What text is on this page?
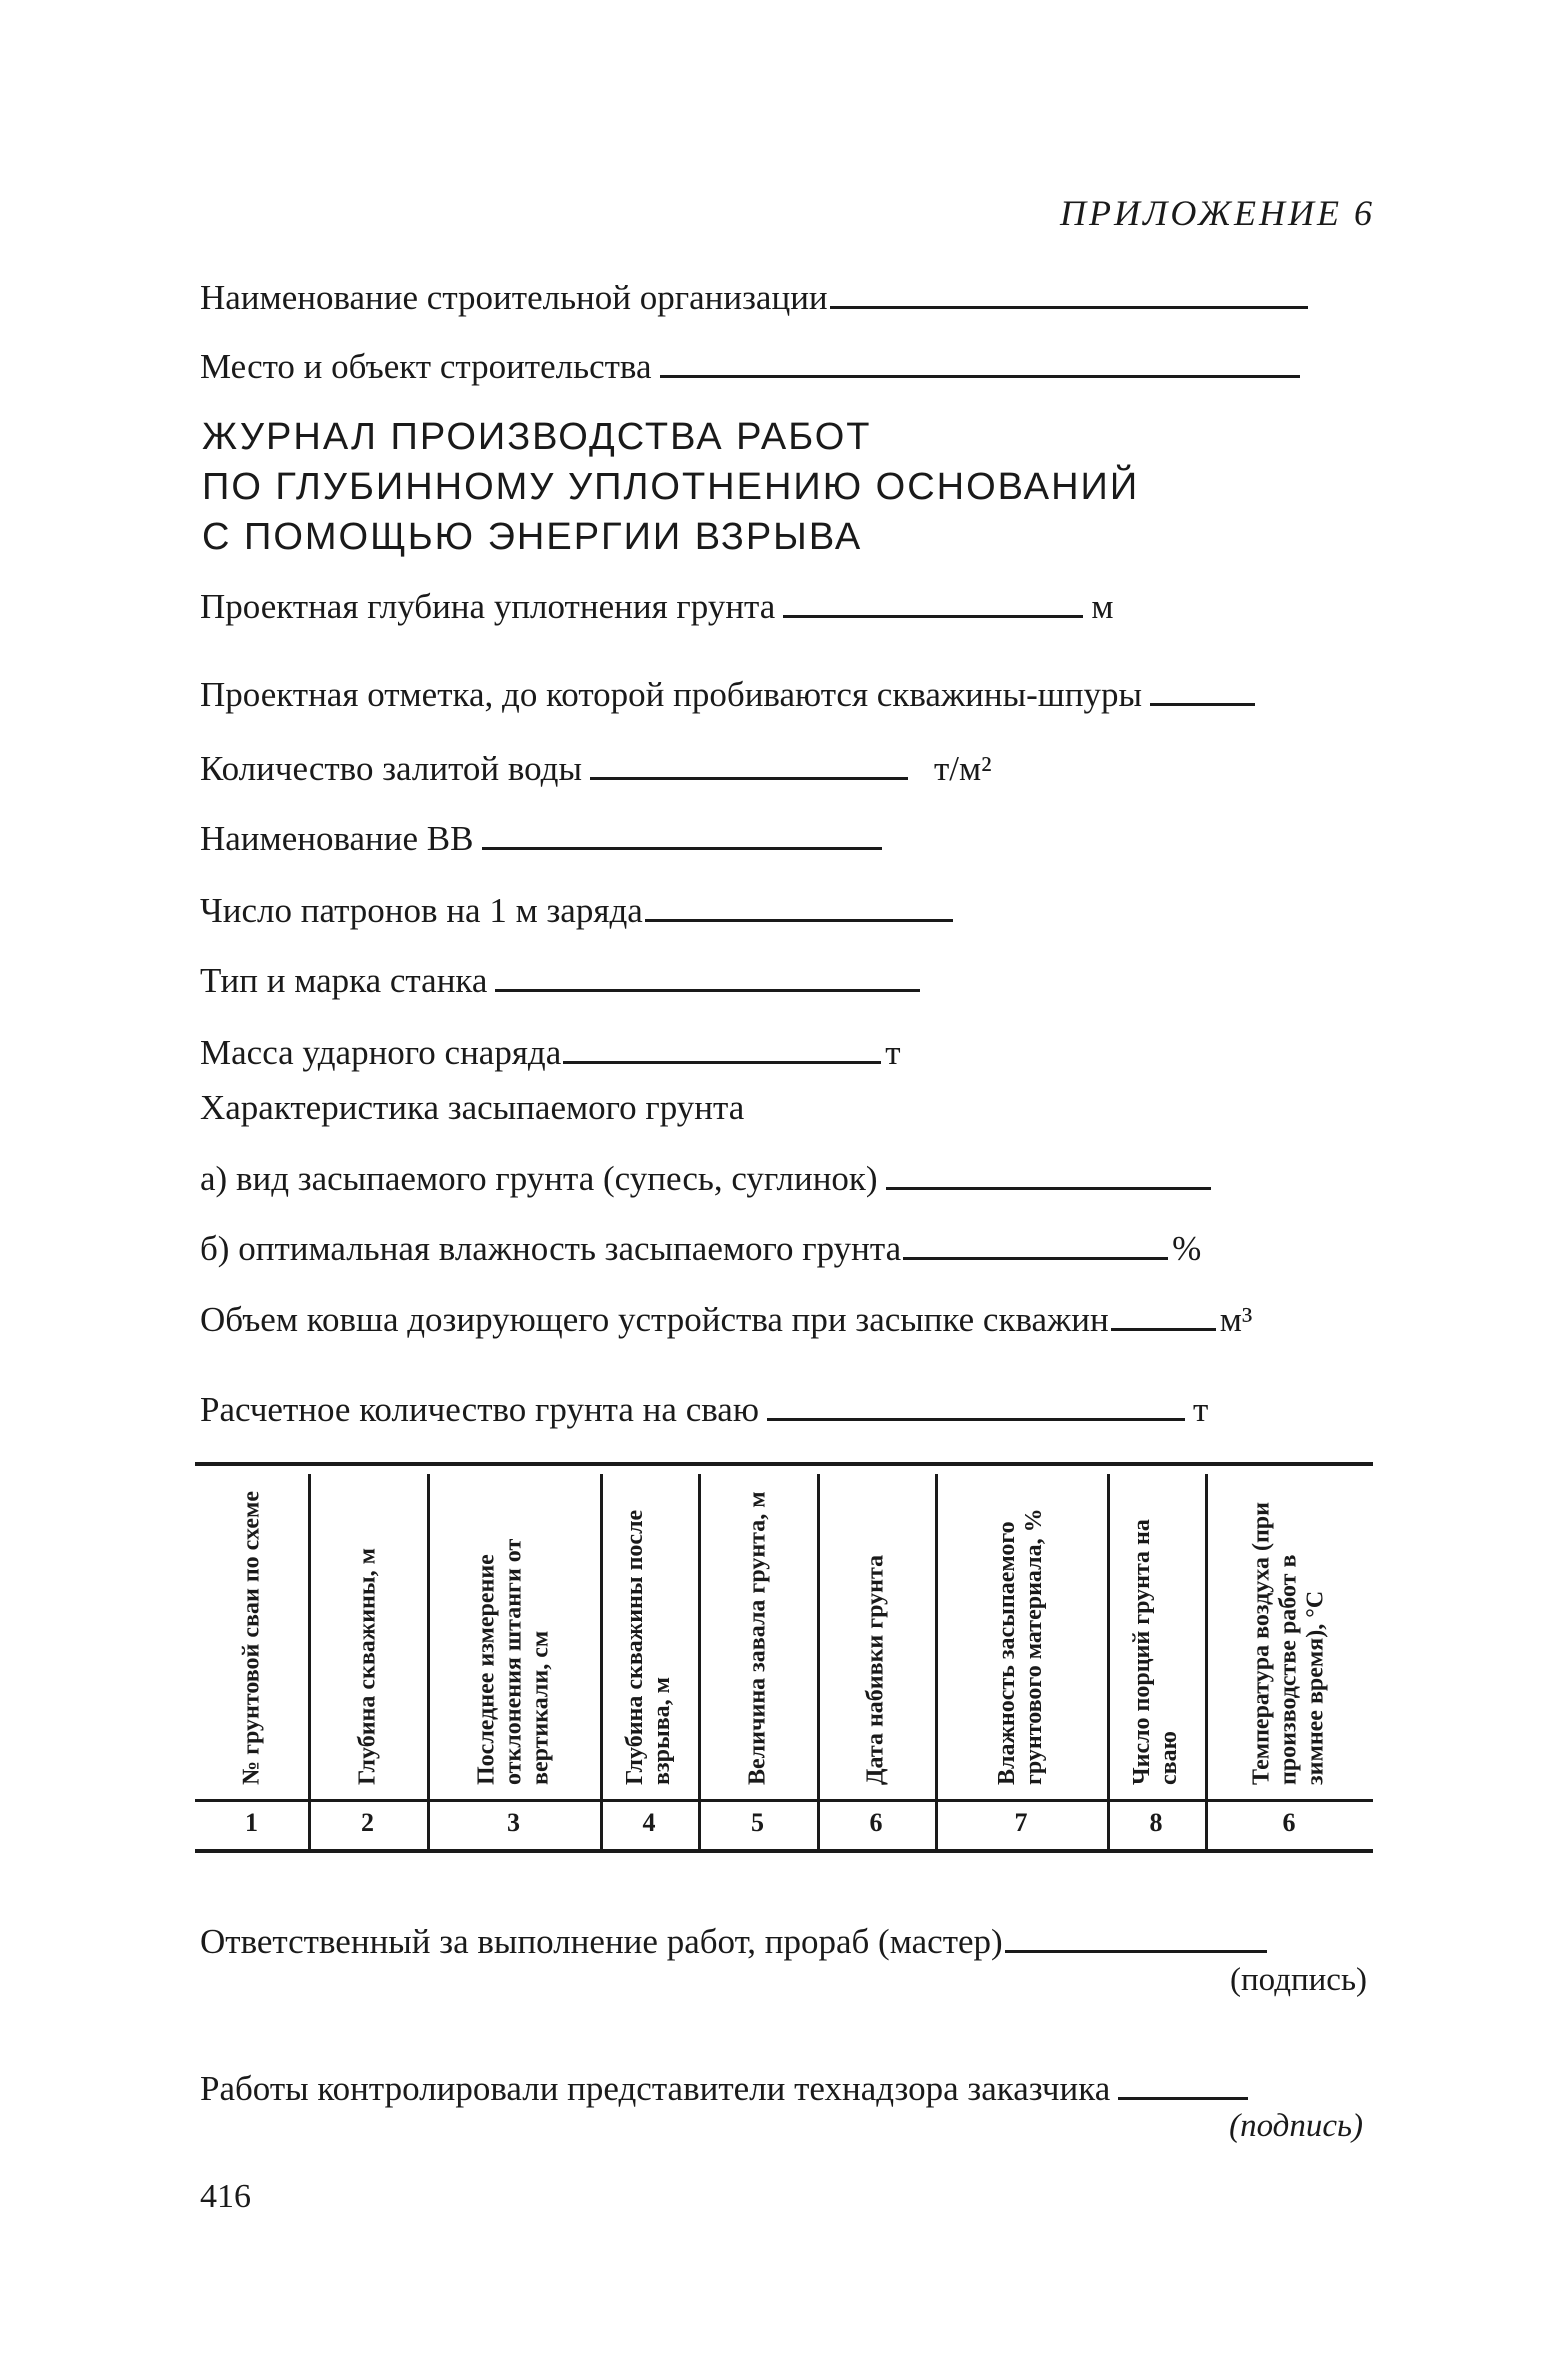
ПРИЛОЖЕНИЕ 6
Наименование строительной организации
Место и объект строительства
ЖУРНАЛ ПРОИЗВОДСТВА РАБОТ
ПО ГЛУБИННОМУ УПЛОТНЕНИЮ ОСНОВАНИЙ
С ПОМОЩЬЮ ЭНЕРГИИ ВЗРЫВА
Проектная глубина уплотнения грунта	м
Проектная отметка, до которой пробиваются скважины-шпуры
Количество залитой воды	т/м²
Наименование ВВ
Число патронов на 1 м заряда
Тип и марка станка
Масса ударного снаряда	т
Характеристика засыпаемого грунта
а) вид засыпаемого грунта (супесь, суглинок)
б) оптимальная влажность засыпаемого грунта	%
Объем ковша дозирующего устройства при засыпке скважин	м³
Расчетное количество грунта на сваю	т
№ грунтовой сваи по схеме	Глубина скважины, м	Последнее измерение отклонения штанги от вертикали, см	Глубина скважины после взрыва, м	Величина завала грунта, м	Дата набивки грунта	Влажность засыпаемого грунтового материала, %	Число порций грунта на сваю	Температура воздуха (при производстве работ в зимнее время), °С
1	2	3	4	5	6	7	8	6
Ответственный за выполнение работ, прораб (мастер)
(подпись)
Работы контролировали представители технадзора заказчика
(подпись)
416
